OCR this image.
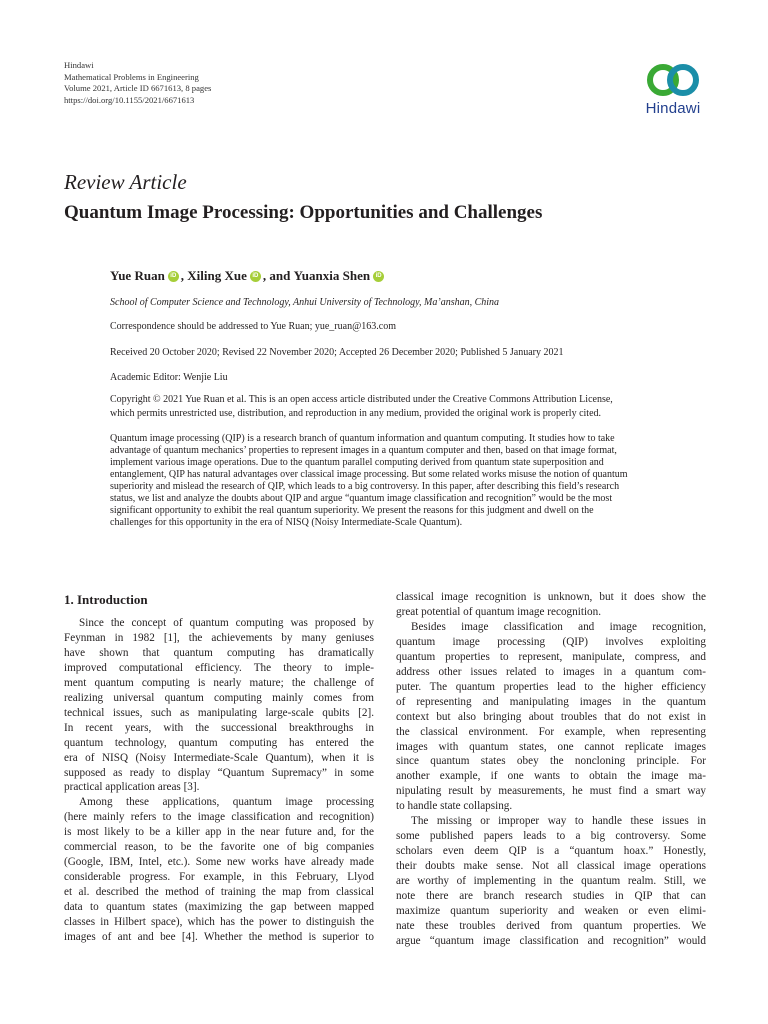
Hindawi
Mathematical Problems in Engineering
Volume 2021, Article ID 6671613, 8 pages
https://doi.org/10.1155/2021/6671613
Hindawi
Review Article
Quantum Image Processing: Opportunities and Challenges
Yue Ruan iD , Xiling Xue iD , and Yuanxia Shen iD
School of Computer Science and Technology, Anhui University of Technology, Ma’anshan, China
Correspondence should be addressed to Yue Ruan; yue_ruan@163.com
Received 20 October 2020; Revised 22 November 2020; Accepted 26 December 2020; Published 5 January 2021
Academic Editor: Wenjie Liu
Copyright © 2021 Yue Ruan et al. This is an open access article distributed under the Creative Commons Attribution License,
which permits unrestricted use, distribution, and reproduction in any medium, provided the original work is properly cited.
Quantum image processing (QIP) is a research branch of quantum information and quantum computing. It studies how to take
advantage of quantum mechanics’ properties to represent images in a quantum computer and then, based on that image format,
implement various image operations. Due to the quantum parallel computing derived from quantum state superposition and
entanglement, QIP has natural advantages over classical image processing. But some related works misuse the notion of quantum
superiority and mislead the research of QIP, which leads to a big controversy. In this paper, after describing this field’s research
status, we list and analyze the doubts about QIP and argue “quantum image classification and recognition” would be the most
significant opportunity to exhibit the real quantum superiority. We present the reasons for this judgment and dwell on the
challenges for this opportunity in the era of NISQ (Noisy Intermediate-Scale Quantum).
1. Introduction
Since the concept of quantum computing was proposed by
Feynman in 1982 [1], the achievements by many geniuses
have shown that quantum computing has dramatically
improved computational efficiency. The theory to imple-
ment quantum computing is nearly mature; the challenge of
realizing universal quantum computing mainly comes from
technical issues, such as manipulating large-scale qubits [2].
In recent years, with the successional breakthroughs in
quantum technology, quantum computing has entered the
era of NISQ (Noisy Intermediate-Scale Quantum), when it is
supposed as ready to display “Quantum Supremacy” in some
practical application areas [3].
Among these applications, quantum image processing
(here mainly refers to the image classification and recognition)
is most likely to be a killer app in the near future and, for the
commercial reason, to be the favorite one of big companies
(Google, IBM, Intel, etc.). Some new works have already made
considerable progress. For example, in this February, Llyod
et al. described the method of training the map from classical
data to quantum states (maximizing the gap between mapped
classes in Hilbert space), which has the power to distinguish the
images of ant and bee [4]. Whether the method is superior to
classical image recognition is unknown, but it does show the
great potential of quantum image recognition.
Besides image classification and image recognition,
quantum image processing (QIP) involves exploiting
quantum properties to represent, manipulate, compress, and
address other issues related to images in a quantum com-
puter. The quantum properties lead to the higher efficiency
of representing and manipulating images in the quantum
context but also bringing about troubles that do not exist in
the classical environment. For example, when representing
images with quantum states, one cannot replicate images
since quantum states obey the noncloning principle. For
another example, if one wants to obtain the image ma-
nipulating result by measurements, he must find a smart way
to handle state collapsing.
The missing or improper way to handle these issues in
some published papers leads to a big controversy. Some
scholars even deem QIP is a “quantum hoax.” Honestly,
their doubts make sense. Not all classical image operations
are worthy of implementing in the quantum realm. Still, we
note there are branch research studies in QIP that can
maximize quantum superiority and weaken or even elimi-
nate these troubles derived from quantum properties. We
argue “quantum image classification and recognition” would
